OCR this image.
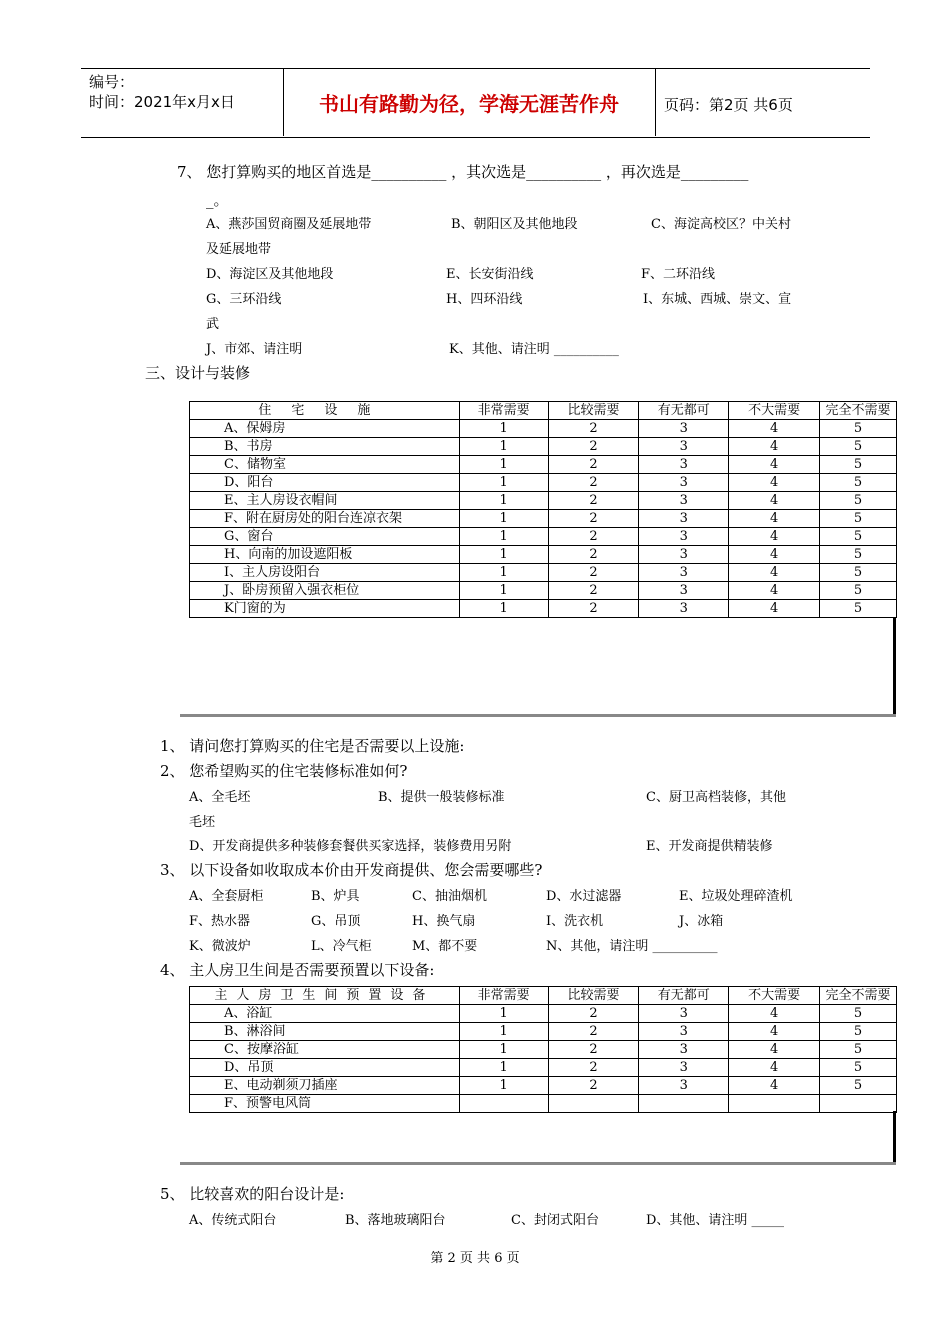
编号：
时间：2021年x月x日	书山有路勤为径，学海无涯苦作舟	页码：第2页 共6页
7、 您打算购买的地区首选是__________ ，其次选是__________ ，再次选是_________
_。
A、燕莎国贸商圈及延展地带	B、朝阳区及其他地段	C、海淀高校区？中关村
及延展地带
D、海淀区及其他地段	E、长安街沿线	F、二环沿线
G、三环沿线	H、四环沿线	I、东城、西城、崇文、宣
武
J、市郊、请注明	K、其他、请注明 __________
三、设计与装修
住宅设施	非常需要	比较需要	有无都可	不大需要	完全不需要
A、保姆房	1	2	3	4	5
B、书房	1	2	3	4	5
C、储物室	1	2	3	4	5
D、阳台	1	2	3	4	5
E、主人房设衣帽间	1	2	3	4	5
F、附在厨房处的阳台连凉衣架	1	2	3	4	5
G、窗台	1	2	3	4	5
H、向南的加设遮阳板	1	2	3	4	5
I、主人房设阳台	1	2	3	4	5
J、卧房预留入强衣柜位	1	2	3	4	5
K门窗的为	1	2	3	4	5
1、 请问您打算购买的住宅是否需要以上设施:
2、 您希望购买的住宅装修标准如何?
A、全毛坯	B、提供一般装修标准	C、厨卫高档装修，其他
毛坯
D、开发商提供多种装修套餐供买家选择，装修费用另附	E、开发商提供精装修
3、 以下设备如收取成本价由开发商提供、您会需要哪些?
A、全套厨柜	B、炉具	C、抽油烟机	D、水过滤器	E、垃圾处理碎渣机
F、热水器	G、吊顶	H、换气扇	I、洗衣机	J、冰箱
K、微波炉	L、冷气柜	M、都不要	N、其他，请注明 __________
4、 主人房卫生间是否需要预置以下设备:
主人房卫生间预置设备	非常需要	比较需要	有无都可	不大需要	完全不需要
A、浴缸	1	2	3	4	5
B、淋浴间	1	2	3	4	5
C、按摩浴缸	1	2	3	4	5
D、吊顶	1	2	3	4	5
E、电动剃须刀插座	1	2	3	4	5
F、预警电风筒					
5、 比较喜欢的阳台设计是:
A、传统式阳台	B、落地玻璃阳台	C、封闭式阳台	D、其他、请注明 _____
第 2 页 共 6 页
